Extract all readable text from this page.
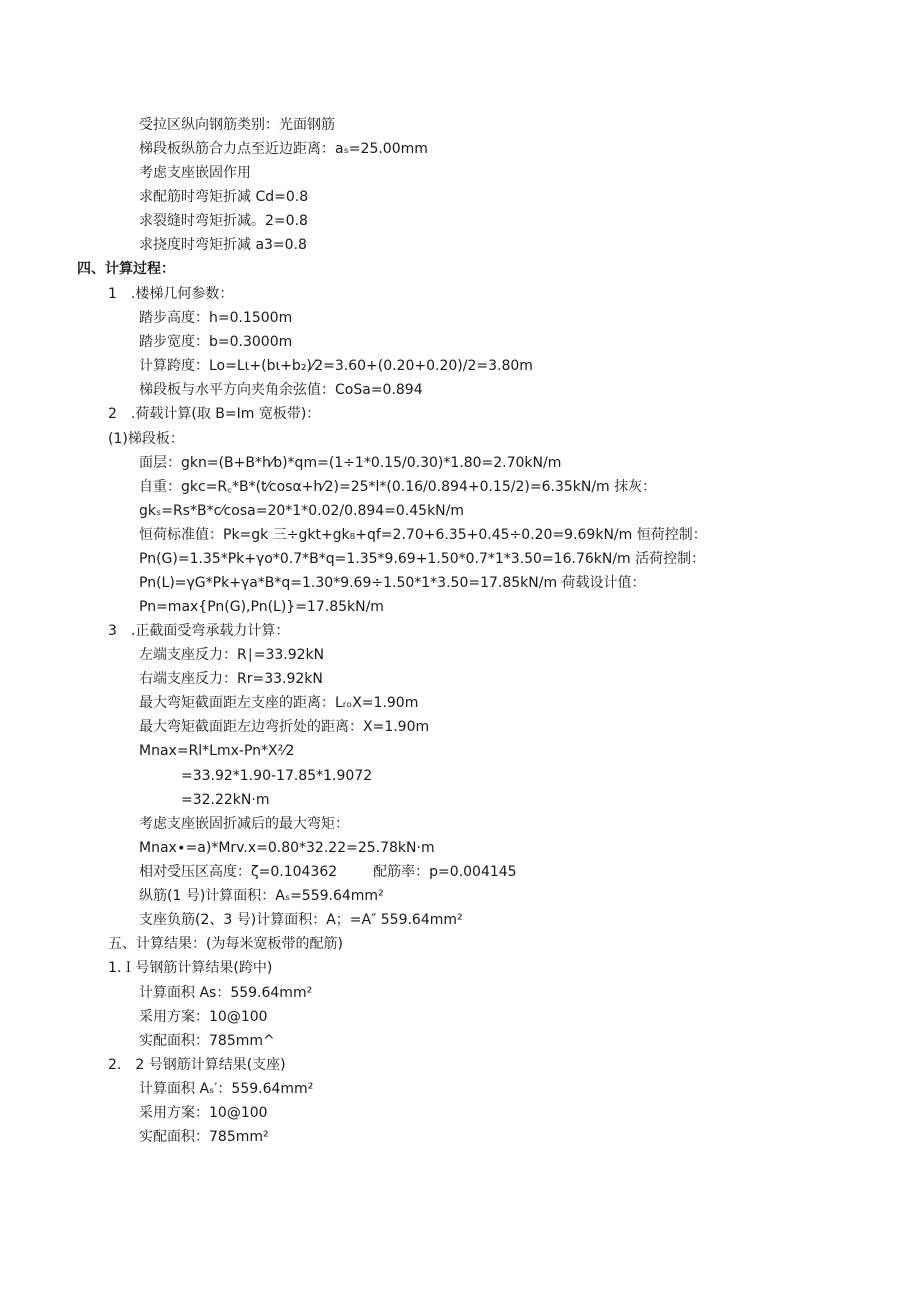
受拉区纵向钢筋类别：光面钢筋
梯段板纵筋合力点至近边距离：aₛ=25.00mm
考虑支座嵌固作用
求配筋时弯矩折减 Cd=0.8
求裂缝时弯矩折减。2=0.8
求挠度时弯矩折减 a3=0.8
四、计算过程：
1　.楼梯几何参数：
踏步高度：h=0.1500m
踏步宽度：b=0.3000m
计算跨度：Lo=Lι+(bι+b₂)⁄2=3.60+(0.20+0.20)/2=3.80m
梯段板与水平方向夹角余弦值：CoSa=0.894
2　.荷载计算(取 B=Im 宽板带)：
(1)梯段板：
面层：gkn=(B+B*h⁄b)*qm=(1÷1*0.15/0.30)*1.80=2.70kN/m
自重：gkc=R꜀*B*(t⁄cosα+h⁄2)=25*l*(0.16/0.894+0.15/2)=6.35kN/m 抹灰：
gkₛ=Rs*B*c⁄cosa=20*1*0.02/0.894=0.45kN/m
恒荷标准值：Pk=gk 三÷gkt+gk₈+qf=2.70+6.35+0.45÷0.20=9.69kN/m 恒荷控制：
Pn(G)=1.35*Pk+γo*0.7*B*q=1.35*9.69+1.50*0.7*1*3.50=16.76kN/m 活荷控制：
Pn(L)=γG*Pk+γa*B*q=1.30*9.69÷1.50*1*3.50=17.85kN/m 荷载设计值：
Pn=max{Pn(G),Pn(L)}=17.85kN/m
3　.正截面受弯承载力计算：
左端支座反力：R∣=33.92kN
右端支座反力：Rr=33.92kN
最大弯矩截面距左支座的距离：LᵣₒX=1.90m
最大弯矩截面距左边弯折处的距离：X=1.90m
Mnax=Rl*Lmx-Pn*X²⁄2
=33.92*1.90-17.85*1.9072
=32.22kN·m
考虑支座嵌固折减后的最大弯矩：
Mnax∙=a)*Mrv.x=0.80*32.22=25.78kN·m
相对受压区高度：ζ=0.104362	配筋率：p=0.004145
纵筋(1 号)计算面积：Aₛ=559.64mm²
支座负筋(2、3 号)计算面积：A；=A″ 559.64mm²
五、计算结果：(为每米宽板带的配筋)
1.Ｉ号钢筋计算结果(跨中)
计算面积 As：559.64mm²
采用方案：10@100
实配面积：785mm^
2.　2 号钢筋计算结果(支座)
计算面积 Aₛ′：559.64mm²
采用方案：10@100
实配面积：785mm²
